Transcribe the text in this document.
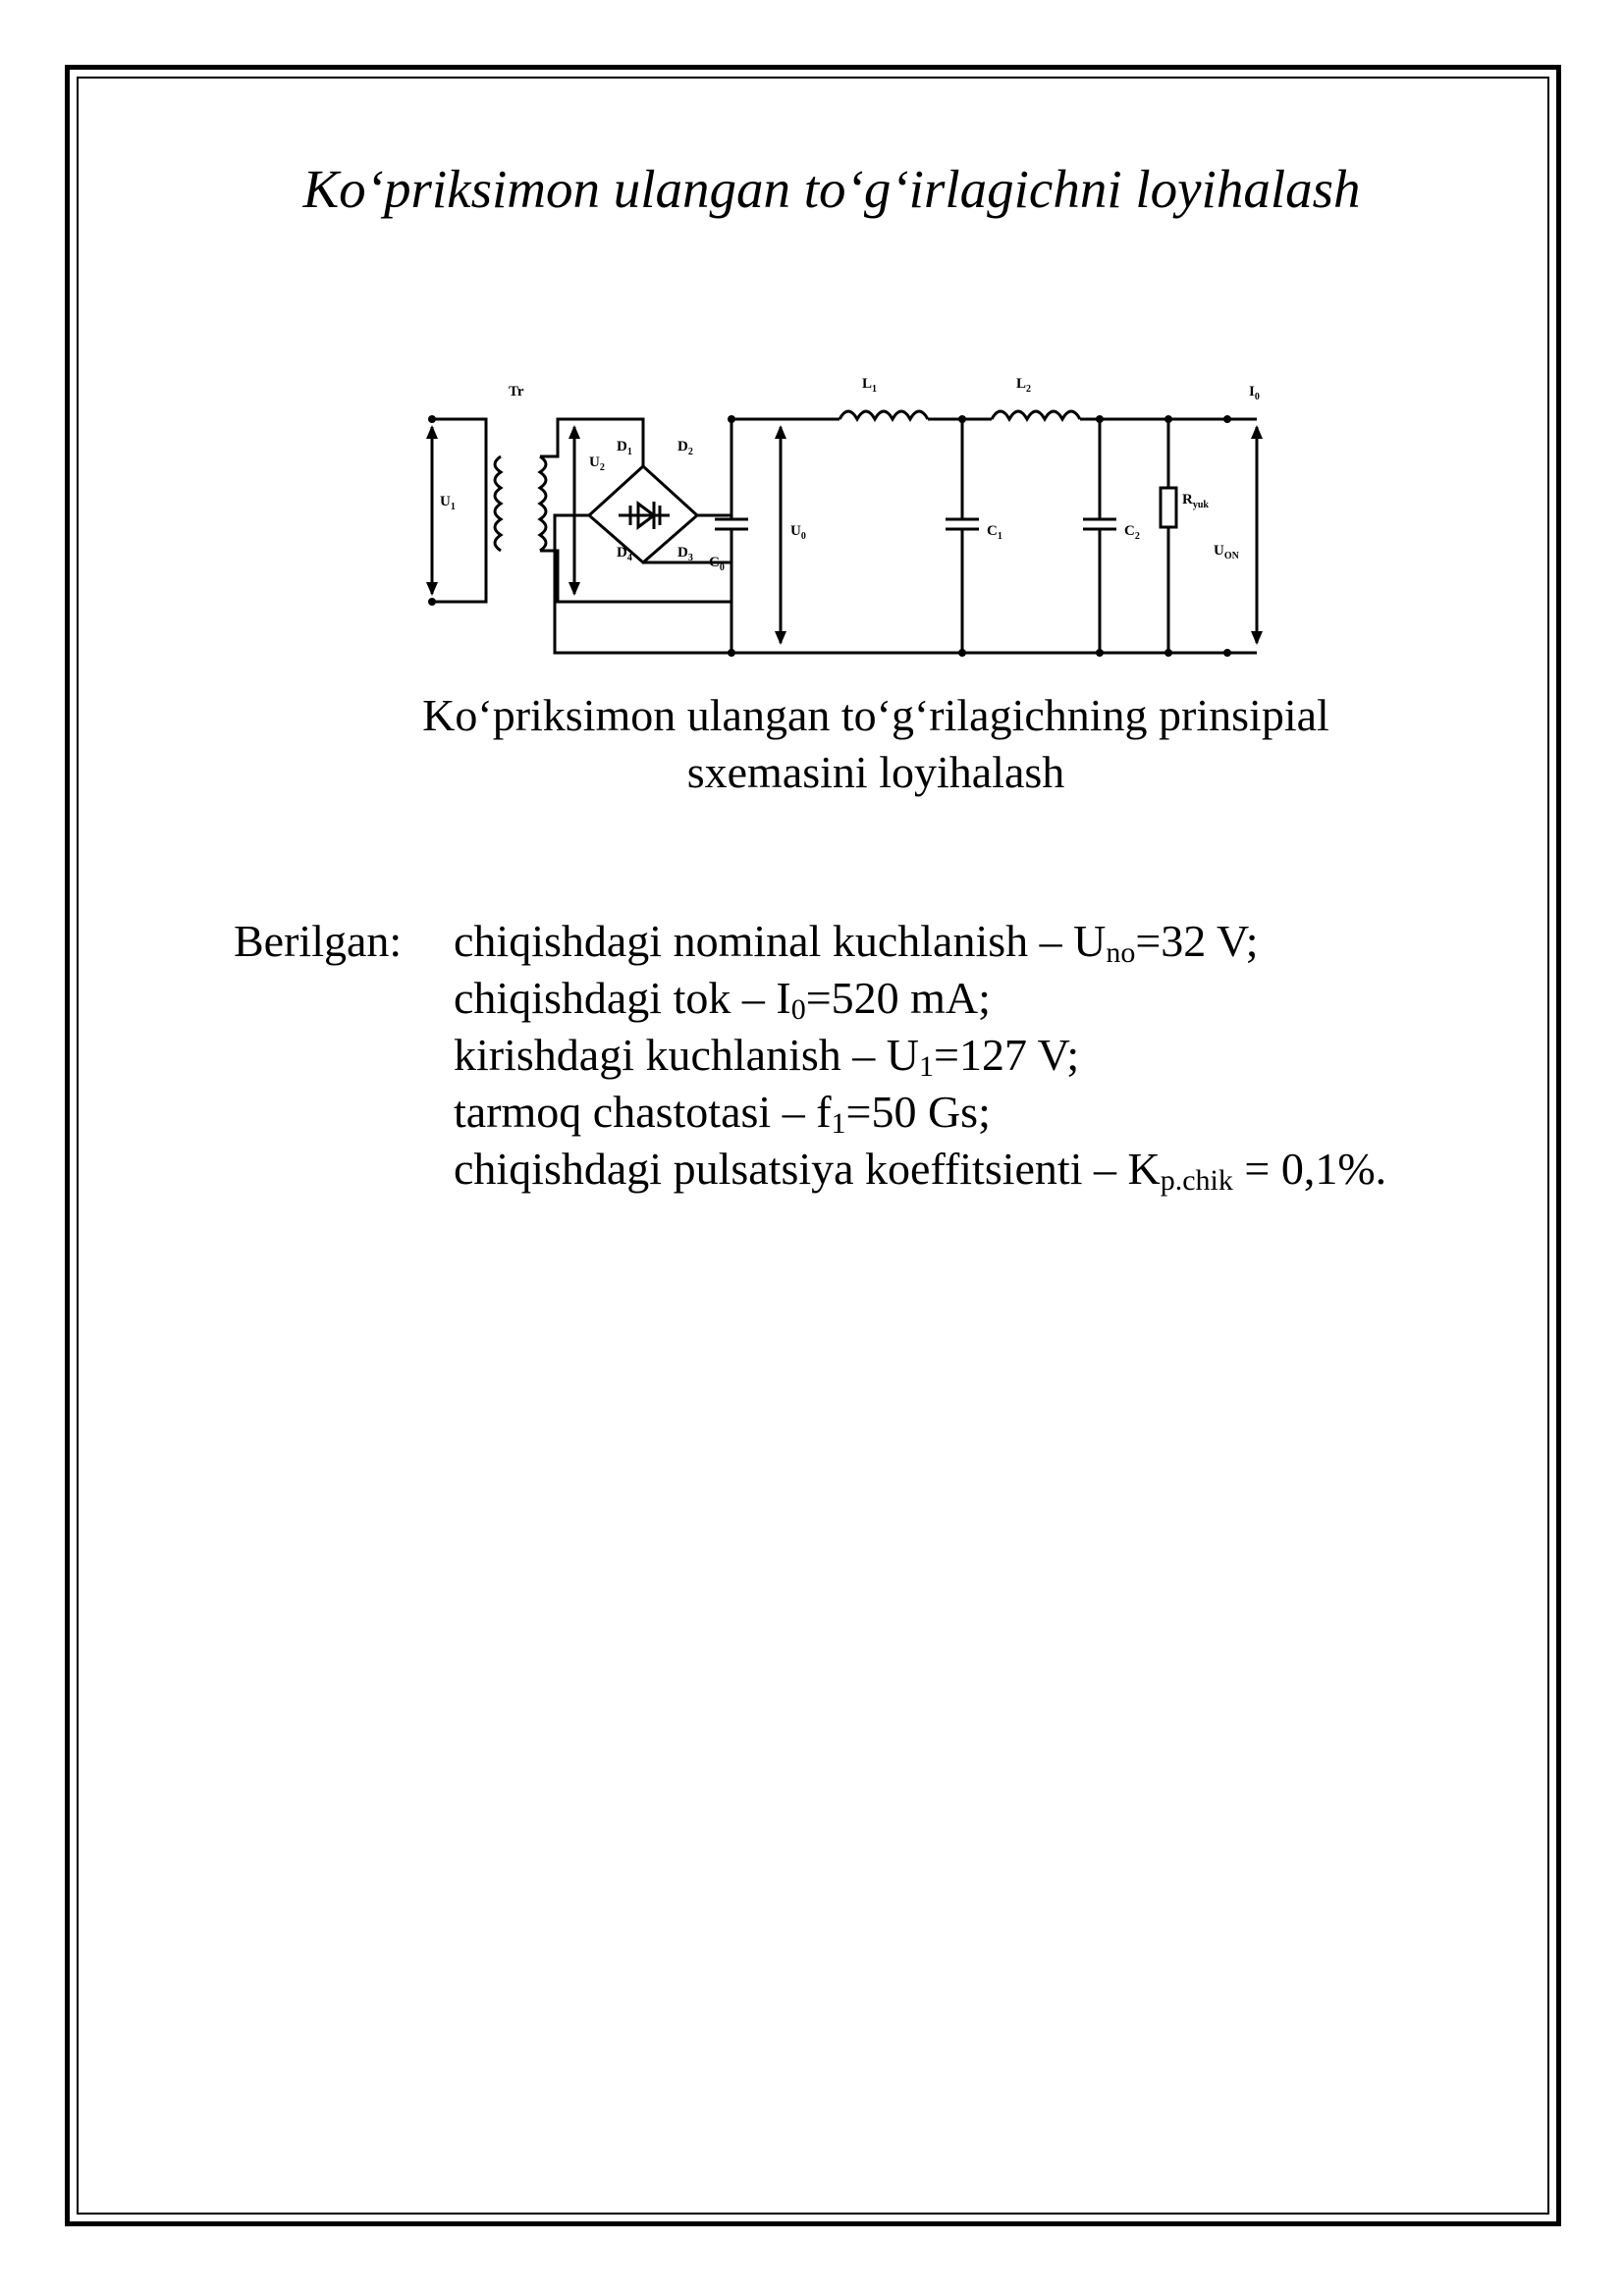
Ko‘priksimon ulangan to‘g‘irlagichni loyihalash
Tr
$U_1$
$U_2$
$D_1$	$D_2$
$D_3$
$D_4$	$C_0$
$U_0$
$L_1$	$L_2$
$C_1$	$C_2$
$R_{yuk}$
$I_0$
$U_{ON}$
Ko‘priksimon ulangan to‘g‘rilagichning prinsipial
sxemasini loyihalash
Berilgan: chiqishdagi nominal kuchlanish – $U_{no}=32$ V;
chiqishdagi tok – $I_0=520$ mA;
kirishdagi kuchlanish – $U_1=127$ V;
tarmoq chastotasi – $f_1=50$ Gs;
chiqishdagi pulsatsiya koeffitsienti – $K_{p.chik} = 0,1\%$.
